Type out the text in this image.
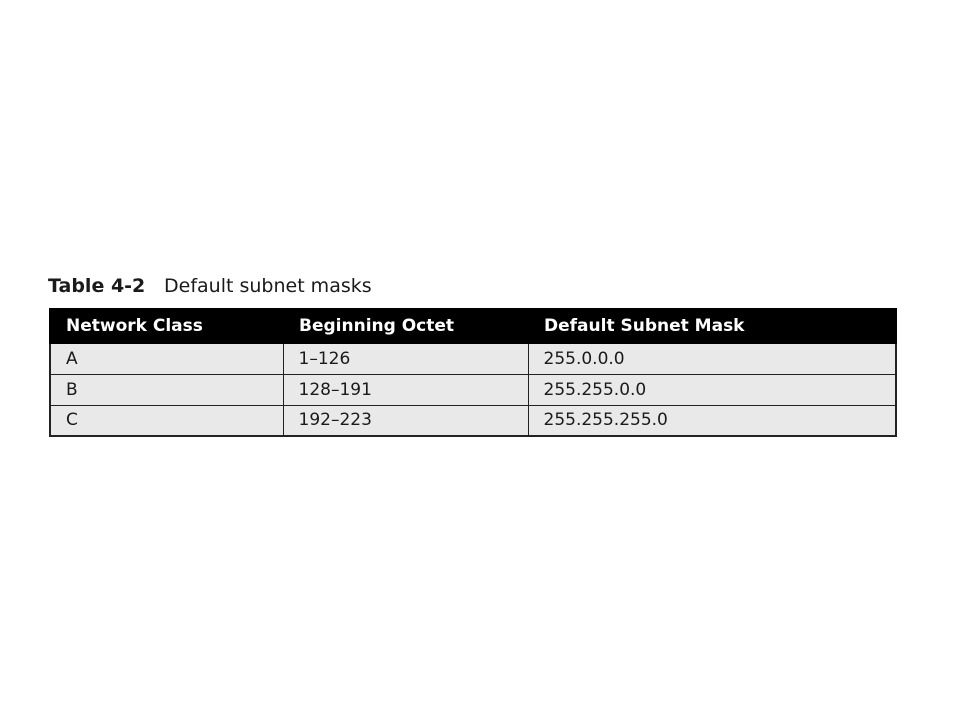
Table 4-2 Default subnet masks
Network Class	Beginning Octet	Default Subnet Mask
A	1–126	255.0.0.0
B	128–191	255.255.0.0
C	192–223	255.255.255.0
